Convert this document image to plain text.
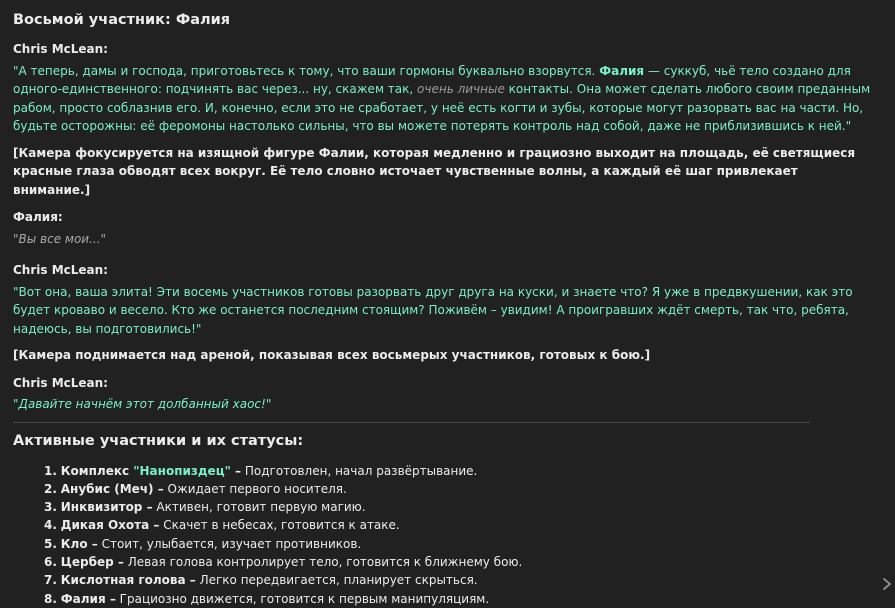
Восьмой участник: Фалия
Chris McLean:
"А теперь, дамы и господа, приготовьтесь к тому, что ваши гормоны буквально взорвутся. Фалия — суккуб, чьё тело создано для одного-единственного: подчинять вас через... ну, скажем так, очень личные контакты. Она может сделать любого своим преданным рабом, просто соблазнив его. И, конечно, если это не сработает, у неё есть когти и зубы, которые могут разорвать вас на части. Но, будьте осторожны: её феромоны настолько сильны, что вы можете потерять контроль над собой, даже не приблизившись к ней."
[Камера фокусируется на изящной фигуре Фалии, которая медленно и грациозно выходит на площадь, её светящиеся красные глаза обводят всех вокруг. Её тело словно источает чувственные волны, а каждый её шаг привлекает внимание.]
Фалия:
"Вы все мои..."
Chris McLean:
"Вот она, ваша элита! Эти восемь участников готовы разорвать друг друга на куски, и знаете что? Я уже в предвкушении, как это будет кроваво и весело. Кто же останется последним стоящим? Поживём – увидим! А проигравших ждёт смерть, так что, ребята, надеюсь, вы подготовились!"
[Камера поднимается над ареной, показывая всех восьмерых участников, готовых к бою.]
Chris McLean:
"Давайте начнём этот долбанный хаос!"
Активные участники и их статусы:
1. Комплекс "Нанопиздец" – Подготовлен, начал развёртывание.
2. Анубис (Меч) – Ожидает первого носителя.
3. Инквизитор – Активен, готовит первую магию.
4. Дикая Охота – Скачет в небесах, готовится к атаке.
5. Кло – Стоит, улыбается, изучает противников.
6. Цербер – Левая голова контролирует тело, готовится к ближнему бою.
7. Кислотная голова – Легко передвигается, планирует скрыться.
8. Фалия – Грациозно движется, готовится к первым манипуляциям.
